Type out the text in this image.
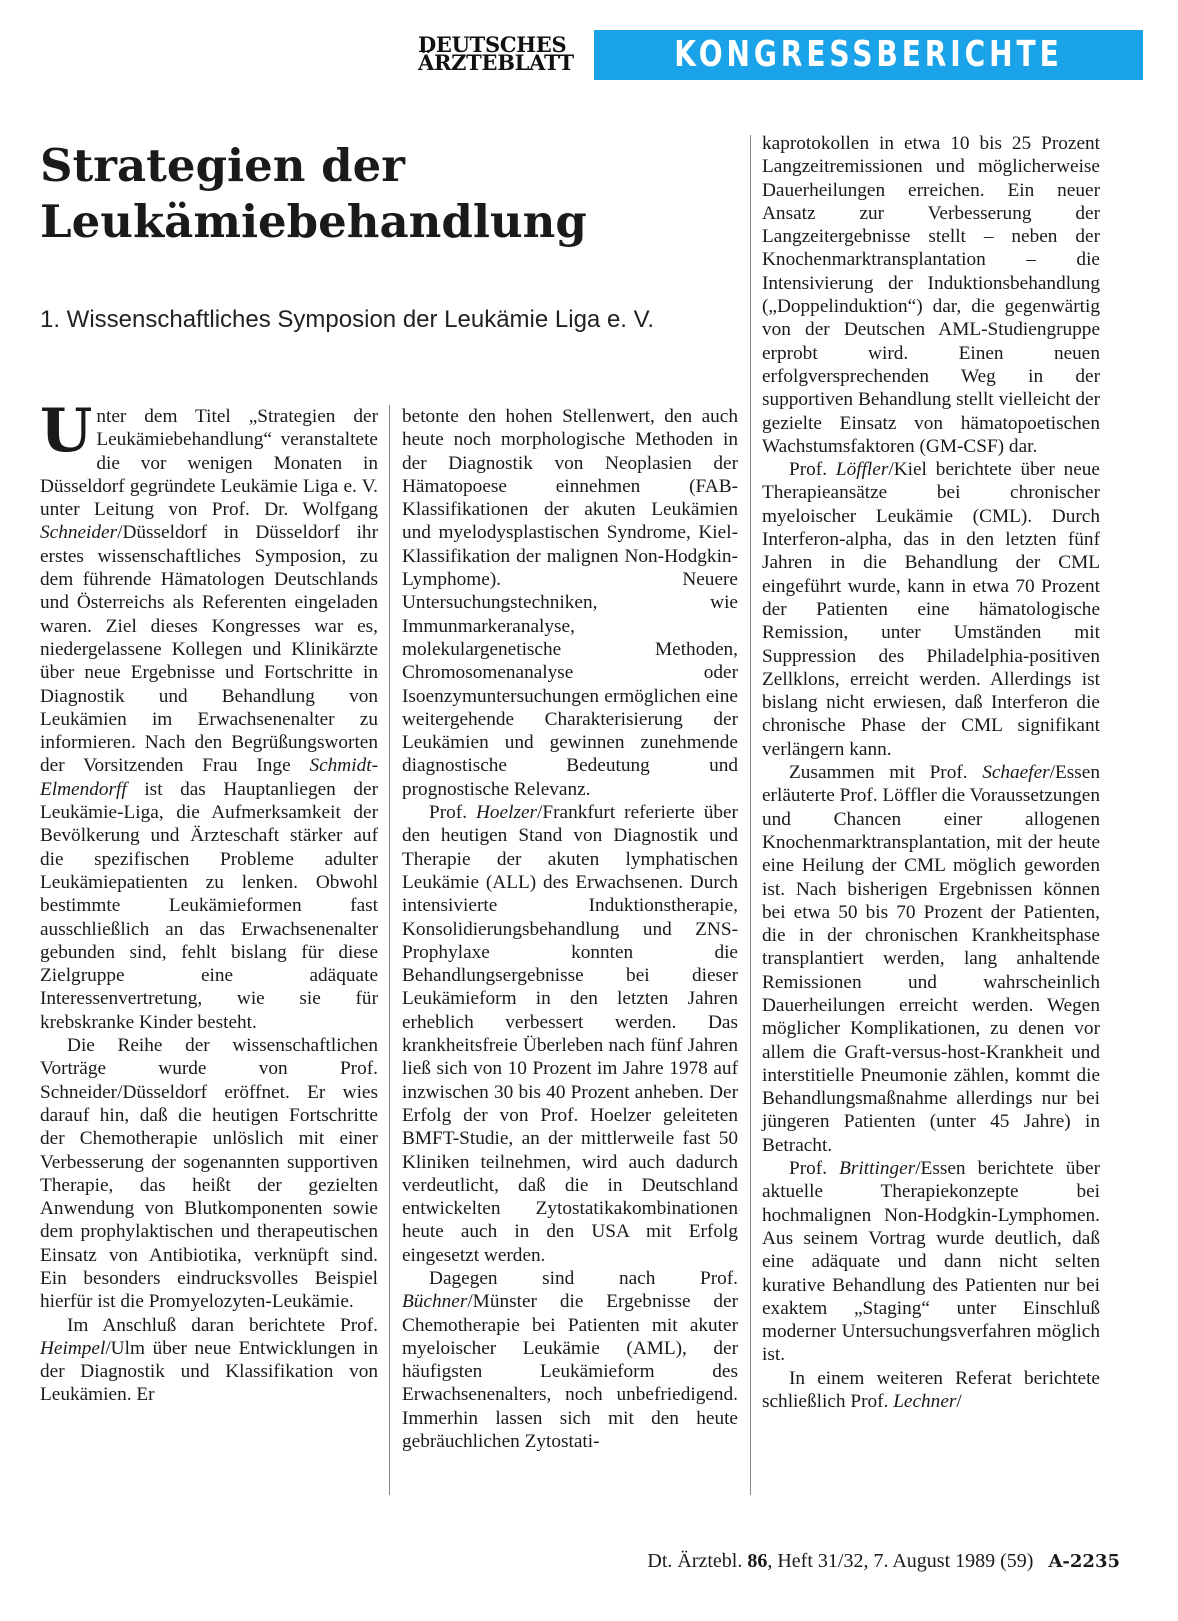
DEUTSCHES
ÄRZTEBLATT	KONGRESSBERICHTE
Strategien der Leukämiebehandlung
1. Wissenschaftliches Symposion der Leukämie Liga e. V.

Unter dem Titel „Strategien der Leukämiebehandlung“ veranstaltete die vor wenigen Monaten in Düsseldorf gegründete Leukämie Liga e. V. unter Leitung von Prof. Dr. Wolfgang Schneider/Düsseldorf in Düsseldorf ihr erstes wissenschaftliches Symposion, zu dem führende Hämatologen Deutschlands und Österreichs als Referenten eingeladen waren. Ziel dieses Kongresses war es, niedergelassene Kollegen und Klinikärzte über neue Ergebnisse und Fortschritte in Diagnostik und Behandlung von Leukämien im Erwachsenenalter zu informieren. Nach den Begrüßungsworten der Vorsitzenden Frau Inge Schmidt-Elmendorff ist das Hauptanliegen der Leukämie-Liga, die Aufmerksamkeit der Bevölkerung und Ärzteschaft stärker auf die spezifischen Probleme adulter Leukämiepatienten zu lenken. Obwohl bestimmte Leukämieformen fast ausschließlich an das Erwachsenenalter gebunden sind, fehlt bislang für diese Zielgruppe eine adäquate Interessenvertretung, wie sie für krebskranke Kinder besteht.

Die Reihe der wissenschaftlichen Vorträge wurde von Prof. Schneider/Düsseldorf eröffnet. Er wies darauf hin, daß die heutigen Fortschritte der Chemotherapie unlöslich mit einer Verbesserung der sogenannten supportiven Therapie, das heißt der gezielten Anwendung von Blutkomponenten sowie dem prophylaktischen und therapeutischen Einsatz von Antibiotika, verknüpft sind. Ein besonders eindrucksvolles Beispiel hierfür ist die Promyelozyten-Leukämie.

Im Anschluß daran berichtete Prof. Heimpel/Ulm über neue Entwicklungen in der Diagnostik und Klassifikation von Leukämien. Er

betonte den hohen Stellenwert, den auch heute noch morphologische Methoden in der Diagnostik von Neoplasien der Hämatopoese einnehmen (FAB-Klassifikationen der akuten Leukämien und myelodysplastischen Syndrome, Kiel-Klassifikation der malignen Non-Hodgkin-Lymphome). Neuere Untersuchungstechniken, wie Immunmarkeranalyse, molekulargenetische Methoden, Chromosomenanalyse oder Isoenzymuntersuchungen ermöglichen eine weitergehende Charakterisierung der Leukämien und gewinnen zunehmende diagnostische Bedeutung und prognostische Relevanz.

Prof. Hoelzer/Frankfurt referierte über den heutigen Stand von Diagnostik und Therapie der akuten lymphatischen Leukämie (ALL) des Erwachsenen. Durch intensivierte Induktionstherapie, Konsolidierungsbehandlung und ZNS-Prophylaxe konnten die Behandlungsergebnisse bei dieser Leukämieform in den letzten Jahren erheblich verbessert werden. Das krankheitsfreie Überleben nach fünf Jahren ließ sich von 10 Prozent im Jahre 1978 auf inzwischen 30 bis 40 Prozent anheben. Der Erfolg der von Prof. Hoelzer geleiteten BMFT-Studie, an der mittlerweile fast 50 Kliniken teilnehmen, wird auch dadurch verdeutlicht, daß die in Deutschland entwickelten Zytostatikakombinationen heute auch in den USA mit Erfolg eingesetzt werden.

Dagegen sind nach Prof. Büchner/Münster die Ergebnisse der Chemotherapie bei Patienten mit akuter myeloischer Leukämie (AML), der häufigsten Leukämieform des Erwachsenenalters, noch unbefriedigend. Immerhin lassen sich mit den heute gebräuchlichen Zytostati-

kaprotokollen in etwa 10 bis 25 Prozent Langzeitremissionen und möglicherweise Dauerheilungen erreichen. Ein neuer Ansatz zur Verbesserung der Langzeitergebnisse stellt – neben der Knochenmarktransplantation – die Intensivierung der Induktionsbehandlung („Doppelinduktion“) dar, die gegenwärtig von der Deutschen AML-Studiengruppe erprobt wird. Einen neuen erfolgversprechenden Weg in der supportiven Behandlung stellt vielleicht der gezielte Einsatz von hämatopoetischen Wachstumsfaktoren (GM-CSF) dar.

Prof. Löffler/Kiel berichtete über neue Therapieansätze bei chronischer myeloischer Leukämie (CML). Durch Interferon-alpha, das in den letzten fünf Jahren in die Behandlung der CML eingeführt wurde, kann in etwa 70 Prozent der Patienten eine hämatologische Remission, unter Umständen mit Suppression des Philadelphia-positiven Zellklons, erreicht werden. Allerdings ist bislang nicht erwiesen, daß Interferon die chronische Phase der CML signifikant verlängern kann.

Zusammen mit Prof. Schaefer/Essen erläuterte Prof. Löffler die Voraussetzungen und Chancen einer allogenen Knochenmarktransplantation, mit der heute eine Heilung der CML möglich geworden ist. Nach bisherigen Ergebnissen können bei etwa 50 bis 70 Prozent der Patienten, die in der chronischen Krankheitsphase transplantiert werden, lang anhaltende Remissionen und wahrscheinlich Dauerheilungen erreicht werden. Wegen möglicher Komplikationen, zu denen vor allem die Graft-versus-host-Krankheit und interstitielle Pneumonie zählen, kommt die Behandlungsmaßnahme allerdings nur bei jüngeren Patienten (unter 45 Jahre) in Betracht.

Prof. Brittinger/Essen berichtete über aktuelle Therapiekonzepte bei hochmalignen Non-Hodgkin-Lymphomen. Aus seinem Vortrag wurde deutlich, daß eine adäquate und dann nicht selten kurative Behandlung des Patienten nur bei exaktem „Staging“ unter Einschluß moderner Untersuchungsverfahren möglich ist.

In einem weiteren Referat berichtete schließlich Prof. Lechner/

Dt. Ärztebl. 86, Heft 31/32, 7. August 1989 (59) A-2235
